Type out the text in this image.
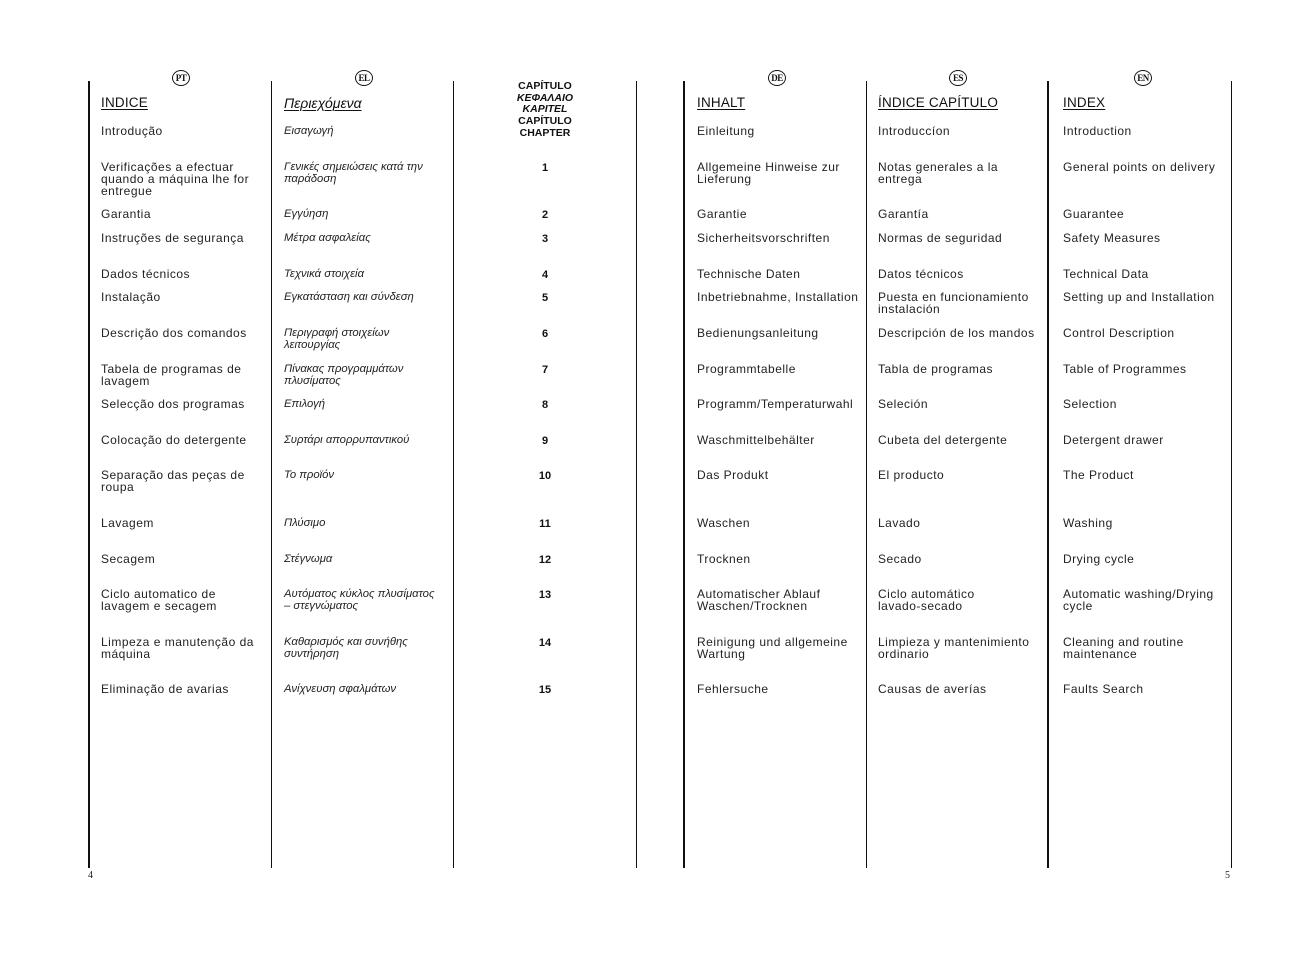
PT
INDICE
Introdução
Verificações a efectuar
quando a máquina lhe for
entregue
Garantia
Instruções de segurança
Dados técnicos
Instalação
Descrição dos comandos
Tabela de programas de
lavagem
Selecção dos programas
Colocação do detergente
Separação das peças de
roupa
Lavagem
Secagem
Ciclo automatico de
lavagem e secagem
Limpeza e manutenção da
máquina
Eliminação de avarias
EL
Περιεχόμενα
Εισαγωγή
Γενικές σημειώσεις κατά την
παράδοση
Εγγύηση
Μέτρα ασφαλείας
Τεχνικά στοιχεία
Εγκατάσταση και σύνδεση
Περιγραφή στοιχείων
λειτουργίας
Πίνακας προγραμμάτων
πλυσίματος
Επιλογή
Συρτάρι απορρυπαντικού
Το προϊόν
Πλύσιμο
Στέγνωμα
Αυτόματος κύκλος πλυσίματος
– στεγνώματος
Καθαρισμός και συνήθης
συντήρηση
Ανίχνευση σφαλμάτων
CAPÍTULO
ΚΕΦΑΛΑΙΟ
KAPITEL
CAPÍTULO
CHAPTER
1
2
3
4
5
6
7
8
9
10
11
12
13
14
15
DE
INHALT
Einleitung
Allgemeine Hinweise zur
Lieferung
Garantie
Sicherheitsvorschriften
Technische Daten
Inbetriebnahme, Installation
Bedienungsanleitung
Programmtabelle
Programm/Temperaturwahl
Waschmittelbehälter
Das Produkt
Waschen
Trocknen
Automatischer Ablauf
Waschen/Trocknen
Reinigung und allgemeine
Wartung
Fehlersuche
ES
ÍNDICE CAPÍTULO
Introduccíon
Notas generales a la
entrega
Garantía
Normas de seguridad
Datos técnicos
Puesta en funcionamiento
instalación
Descripción de los mandos
Tabla de programas
Seleción
Cubeta del detergente
El producto
Lavado
Secado
Ciclo automático
lavado-secado
Limpieza y mantenimiento
ordinario
Causas de averías
EN
INDEX
Introduction
General points on delivery
Guarantee
Safety Measures
Technical Data
Setting up and Installation
Control Description
Table of Programmes
Selection
Detergent drawer
The Product
Washing
Drying cycle
Automatic washing/Drying
cycle
Cleaning and routine
maintenance
Faults Search
4	5
